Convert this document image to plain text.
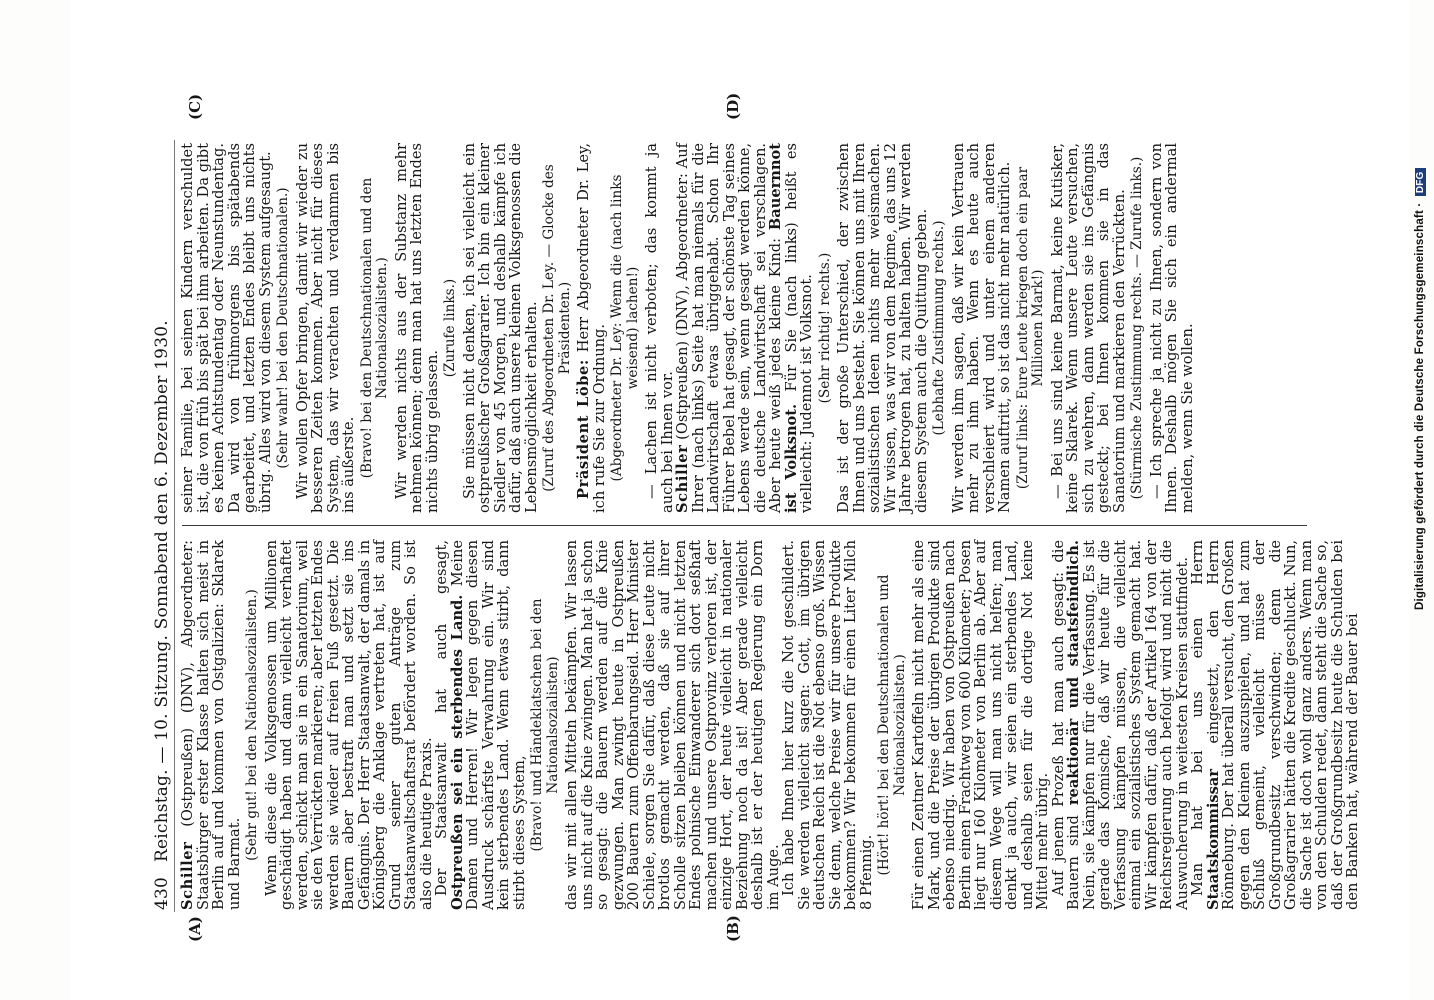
430
Reichstag. — 10. Sitzung. Sonnabend den 6. Dezember 1930.
(A)	(B)
(C)	(D)

Schiller (Ostpreußen) (DNV), Abgeordneter: Staatsbürger erster Klasse halten sich meist in Berlin auf und kommen von Ostgalizien: Sklarek und Barmat.

(Sehr gut! bei den Nationalsozialisten.) Wenn diese die Volksgenossen um Millionen geschädigt haben und dann vielleicht verhaftet werden, schickt man sie in ein Sanatorium, weil sie den Verrückten markieren; aber letzten Endes werden sie wieder auf freien Fuß gesetzt. Die Bauern aber bestraft man und setzt sie ins Gefängnis. Der Herr Staatsanwalt, der damals in Königsberg die Anklage vertreten hat, ist auf Grund seiner guten Anträge zum Staatsanwaltschaftsrat befördert worden. So ist also die heutige Praxis.

Der Staatsanwalt hat auch gesagt, Ostpreußen sei ein sterbendes Land. Meine Damen und Herren! Wir legen gegen diesen Ausdruck schärfste Verwahrung ein. Wir sind kein sterbendes Land. Wenn etwas stirbt, dann stirbt dieses System, (Bravo! und Händeklatschen bei den Nationalsozialisten) das wir mit allen Mitteln bekämpfen. Wir lassen uns nicht auf die Knie zwingen. Man hat ja schon so gesagt: die Bauern werden auf die Knie gezwungen. Man zwingt heute in Ostpreußen 200 Bauern zum Offenbarungseid. Herr Minister Schiele, sorgen Sie dafür, daß diese Leute nicht brotlos gemacht werden, daß sie auf ihrer Scholle sitzen bleiben können und nicht letzten Endes polnische Einwanderer sich dort seßhaft machen und unsere Ostprovinz verloren ist, der einzige Hort, der heute vielleicht in nationaler Beziehung noch da ist! Aber gerade vielleicht deshalb ist er der heutigen Regierung ein Dorn im Auge.

Ich habe Ihnen hier kurz die Not geschildert. Sie werden vielleicht sagen: Gott, im übrigen deutschen Reich ist die Not ebenso groß. Wissen Sie denn, welche Preise wir für unsere Produkte bekommen? Wir bekommen für einen Liter Milch 8 Pfennig. (Hört! hört! bei den Deutschnationalen und Nationalsozialisten.) Für einen Zentner Kartoffeln nicht mehr als eine Mark, und die Preise der übrigen Produkte sind ebenso niedrig. Wir haben von Ostpreußen nach Berlin einen Frachtweg von 600 Kilometer; Posen liegt nur 160 Kilometer von Berlin ab. Aber auf diesem Wege will man uns nicht helfen; man denkt ja auch, wir seien ein sterbendes Land, und deshalb seien für die dortige Not keine Mittel mehr übrig.

Auf jenem Prozeß hat man auch gesagt: die Bauern sind reaktionär und staatsfeindlich. Nein, sie kämpfen nur für die Verfassung. Es ist gerade das Komische, daß wir heute für die Verfassung kämpfen müssen, die vielleicht einmal ein sozialistisches System gemacht hat. Wir kämpfen dafür, daß der Artikel 164 von der Reichsregierung auch befolgt wird und nicht die Auswucherung in weitesten Kreisen stattfindet.

Man hat bei uns einen Herrn Staatskommissar eingesetzt, den Herrn Rönneburg. Der hat überall versucht, den Großen gegen den Kleinen auszuspielen, und hat zum Schluß gemeint, vielleicht müsse der Großgrundbesitz verschwinden; denn die Großagrarier hätten die Kredite geschluckt. Nun, die Sache ist doch wohl ganz anders. Wenn man von den Schulden redet, dann steht die Sache so, daß der Großgrundbesitz heute die Schulden bei den Banken hat, während der Bauer bei

seiner Familie, bei seinen Kindern verschuldet ist, die von früh bis spät bei ihm arbeiten. Da gibt es keinen Achtstundentag oder Neunstundentag. Da wird von frühmorgens bis spätabends gearbeitet, und letzten Endes bleibt uns nichts übrig. Alles wird von diesem System aufgesaugt. (Sehr wahr! bei den Deutschnationalen.) Wir wollen Opfer bringen, damit wir wieder zu besseren Zeiten kommen. Aber nicht für dieses System, das wir verachten und verdammen bis ins äußerste. (Bravo! bei den Deutschnationalen und den Nationalsozialisten.) Wir werden nichts aus der Substanz mehr nehmen können; denn man hat uns letzten Endes nichts übrig gelassen.

(Zurufe links.) Sie müssen nicht denken, ich sei vielleicht ein ostpreußischer Großagrarier. Ich bin ein kleiner Siedler von 45 Morgen, und deshalb kämpfe ich dafür, daß auch unsere kleinen Volksgenossen die Lebensmöglichkeit erhalten. (Zuruf des Abgeordneten Dr. Ley. — Glocke des Präsidenten.)

Präsident Löbe: Herr Abgeordneter Dr. Ley, ich rufe Sie zur Ordnung. (Abgeordneter Dr. Ley: Wenn die (nach links weisend) lachen!) — Lachen ist nicht verboten; das kommt ja auch bei Ihnen vor.

Schiller (Ostpreußen) (DNV), Abgeordneter: Auf Ihrer (nach links) Seite hat man niemals für die Landwirtschaft etwas übriggehabt. Schon Ihr Führer Bebel hat gesagt, der schönste Tag seines Lebens werde sein, wenn gesagt werden könne, die deutsche Landwirtschaft sei verschlagen. Aber heute weiß jedes kleine Kind: Bauernnot ist Volksnot. Für Sie (nach links) heißt es vielleicht: Judennot ist Volksnot. (Sehr richtig! rechts.) Das ist der große Unterschied, der zwischen Ihnen und uns besteht. Sie können uns mit Ihren sozialistischen Ideen nichts mehr weismachen. Wir wissen, was wir von dem Regime, das uns 12 Jahre betrogen hat, zu halten haben. Wir werden diesem System auch die Quittung geben. (Lebhafte Zustimmung rechts.) Wir werden ihm sagen, daß wir kein Vertrauen mehr zu ihm haben. Wenn es heute auch verschleiert wird und unter einem anderen Namen auftritt, so ist das nicht mehr natürlich. (Zuruf links: Eure Leute kriegen doch ein paar Millionen Mark!) — Bei uns sind keine Barmat, keine Kutisker, keine Sklarek. Wenn unsere Leute versuchen, sich zu wehren, dann werden sie ins Gefängnis gesteckt; bei Ihnen kommen sie in das Sanatorium und markieren den Verrückten. (Stürmische Zustimmung rechts. — Zurufe links.) — Ich spreche ja nicht zu Ihnen, sondern von Ihnen. Deshalb mögen Sie sich ein andermal melden, wenn Sie wollen.	Digitalisierung gefördert durch die Deutsche Forschungsgemeinschaft · DFG
